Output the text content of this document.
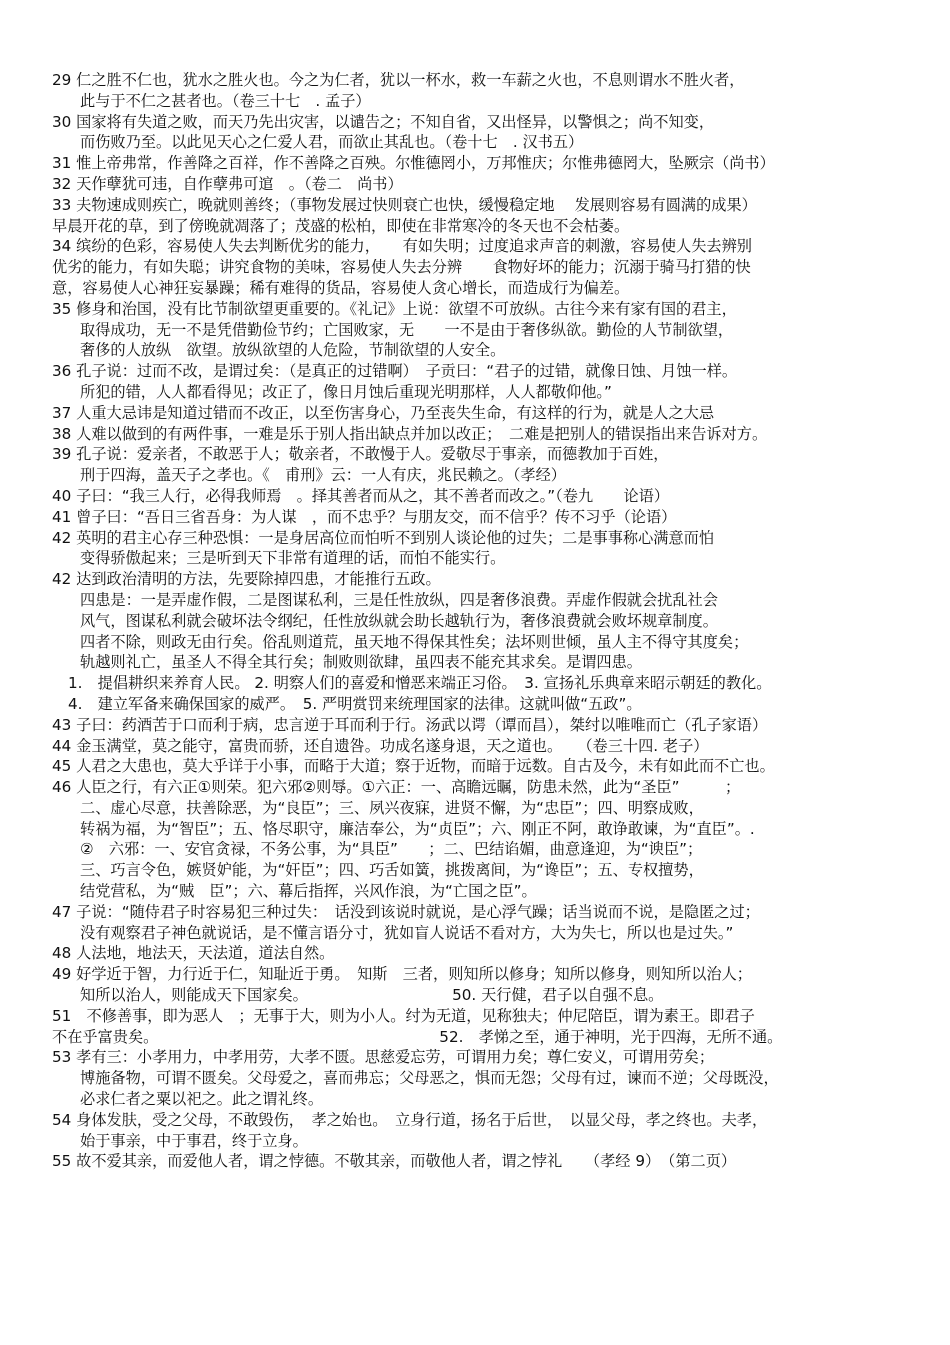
29 仁之胜不仁也，犹水之胜火也。今之为仁者，犹以一杯水，救一车薪之火也，不息则谓水不胜火者，
此与于不仁之甚者也。（卷三十七　. 孟子）
30 国家将有失道之败，而天乃先出灾害，以谴告之；不知自省，又出怪异，以警惧之；尚不知变，
而伤败乃至。以此见天心之仁爱人君，而欲止其乱也。（卷十七　. 汉书五）
31 惟上帝弗常，作善降之百祥，作不善降之百殃。尔惟德罔小，万邦惟庆；尔惟弗德罔大，坠厥宗（尚书）
32 天作孽犹可违，自作孽弗可逭　。（卷二　尚书）
33 夫物速成则疾亡，晚就则善终；（事物发展过快则衰亡也快，缓慢稳定地　 发展则容易有圆满的成果）
早晨开花的草，到了傍晚就凋落了；茂盛的松柏，即使在非常寒冷的冬天也不会枯萎。
34 缤纷的色彩，容易使人失去判断优劣的能力，　　有如失明；过度追求声音的刺激，容易使人失去辨别
优劣的能力，有如失聪；讲究食物的美味，容易使人失去分辨　　食物好坏的能力；沉溺于骑马打猎的快
意，容易使人心神狂妄暴躁；稀有难得的货品，容易使人贪心增长，而造成行为偏差。
35 修身和治国，没有比节制欲望更重要的。《礼记》上说：欲望不可放纵。古往今来有家有国的君主，
取得成功，无一不是凭借勤俭节约；亡国败家，无　　一不是由于奢侈纵欲。勤俭的人节制欲望，
奢侈的人放纵　欲望。放纵欲望的人危险，节制欲望的人安全。
36 孔子说：过而不改，是谓过矣：（是真正的过错啊）　子贡曰：“君子的过错，就像日蚀、月蚀一样。
所犯的错，人人都看得见；改正了，像日月蚀后重现光明那样，人人都敬仰他。”
37 人重大忌讳是知道过错而不改正，以至伤害身心，乃至丧失生命，有这样的行为，就是人之大忌
38 人难以做到的有两件事，一难是乐于别人指出缺点并加以改正；　二难是把别人的错误指出来告诉对方。
39 孔子说：爱亲者，不敢恶于人；敬亲者，不敢慢于人。爱敬尽于事亲，而德教加于百姓，
刑于四海，盖天子之孝也。《　甫刑》云：一人有庆，兆民赖之。（孝经）
40 子曰：“我三人行，必得我师焉　。择其善者而从之，其不善者而改之。”（卷九　　论语）
41 曾子曰：“吾日三省吾身：为人谋　，而不忠乎？与朋友交，而不信乎？传不习乎（论语）
42 英明的君主心存三种恐惧：一是身居高位而怕听不到别人谈论他的过失；二是事事称心满意而怕
变得骄傲起来；三是听到天下非常有道理的话，而怕不能实行。
42 达到政治清明的方法，先要除掉四患，才能推行五政。
四患是：一是弄虚作假，二是图谋私利，三是任性放纵，四是奢侈浪费。弄虚作假就会扰乱社会
风气，图谋私利就会破坏法令纲纪，任性放纵就会助长越轨行为，奢侈浪费就会败坏规章制度。
四者不除，则政无由行矣。俗乱则道荒，虽天地不得保其性矣；法坏则世倾，虽人主不得守其度矣；
轨越则礼亡，虽圣人不得全其行矣；制败则欲肆，虽四表不能充其求矣。是谓四患。
1.　提倡耕织来养育人民。 2. 明察人们的喜爱和憎恶来端正习俗。　3. 宣扬礼乐典章来昭示朝廷的教化。
4.　建立军备来确保国家的威严。　5. 严明赏罚来统理国家的法律。这就叫做“五政”。
43 子曰：药酒苦于口而利于病，忠言逆于耳而利于行。汤武以谔（谭而昌），桀纣以唯唯而亡（孔子家语）
44 金玉满堂，莫之能守，富贵而骄，还自遗咎。功成名遂身退，天之道也。　　（卷三十四. 老子）
45 人君之大患也，莫大乎详于小事，而略于大道；察于近物，而暗于远数。自古及今，未有如此而不亡也。
46 人臣之行，有六正①则荣。犯六邪②则辱。①六正：一、高瞻远瞩，防患未然，此为“圣臣”　　　；
二、虚心尽意，扶善除恶，为“良臣”；三、夙兴夜寐，进贤不懈，为“忠臣”；四、明察成败，
转祸为福，为“智臣”；五、恪尽职守，廉洁奉公，为“贞臣”；六、刚正不阿，敢诤敢谏，为“直臣”。.
②　六邪：一、安官贪禄，不务公事，为“具臣”　　；二、巴结谄媚，曲意逢迎，为“谀臣”；
三、巧言令色，嫉贤妒能，为“奸臣”；四、巧舌如簧，挑拨离间，为“谗臣”；五、专权擅势，
结党营私，为“贼　臣”；六、幕后指挥，兴风作浪，为“亡国之臣”。
47 子说：“随侍君子时容易犯三种过失：　话没到该说时就说，是心浮气躁；话当说而不说，是隐匿之过；
没有观察君子神色就说话，是不懂言语分寸，犹如盲人说话不看对方，大为失七，所以也是过失。”
48 人法地，地法天，天法道，道法自然。
49 好学近于智，力行近于仁，知耻近于勇。　知斯　三者，则知所以修身；知所以修身，则知所以治人；
知所以治人，则能成天下国家矣。　　　　　　　　　　50. 天行健，君子以自强不息。
51　不修善事，即为恶人　；无事于大，则为小人。纣为无道，见称独夫；仲尼陪臣，谓为素王。即君子
不在乎富贵矣。　　　　　　　　　　　　　　　　　　　52.　孝悌之至，通于神明，光于四海，无所不通。
53 孝有三：小孝用力，中孝用劳，大孝不匮。思慈爱忘劳，可谓用力矣；尊仁安义，可谓用劳矣；
博施备物，可谓不匮矣。父母爱之，喜而弗忘；父母恶之，惧而无怨；父母有过，谏而不逆；父母既没，
必求仁者之粟以祀之。此之谓礼终。
54 身体发肤，受之父母，不敢毁伤，　孝之始也。　立身行道，扬名于后世，　以显父母，孝之终也。夫孝，
始于事亲，中于事君，终于立身。
55 故不爱其亲，而爱他人者，谓之悖德。不敬其亲，而敬他人者，谓之悖礼　　（孝经 9）　（第二页）
